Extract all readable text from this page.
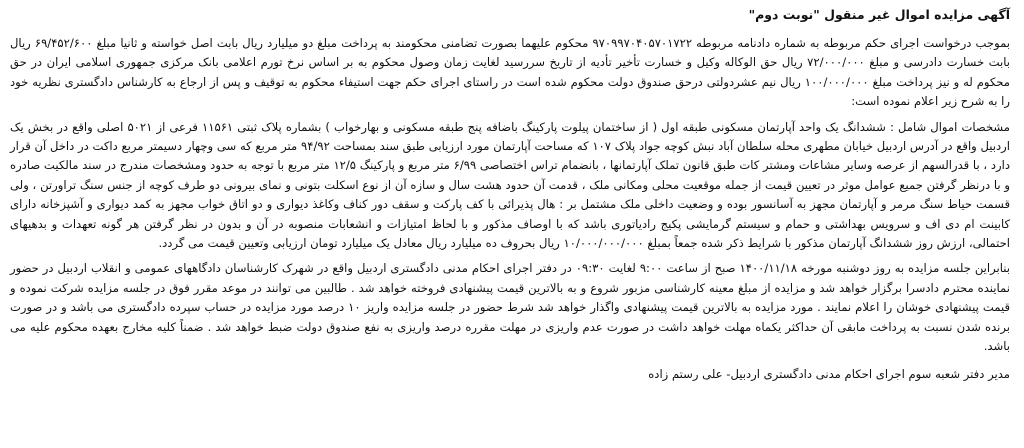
آگهی مزایده اموال غیر منقول "نوبت دوم"

بموجب درخواست اجرای حکم مربوطه به شماره دادنامه مربوطه ۹۷۰۹۹۷۰۴۰۵۷۰۱۷۲۲ محکوم علیهما بصورت تضامنی محکومند به پرداخت مبلغ دو میلیارد ریال بابت اصل خواسته و ثانیا مبلغ ۶۹/۴۵۲/۶۰۰ ریال بابت خسارت دادرسی و مبلغ ۷۲/۰۰۰/۰۰۰ ریال حق الوکاله وکیل و خسارت تأخیر تأدیه از تاریخ سررسید لغایت زمان وصول محکوم به بر اساس نرخ تورم اعلامی بانک مرکزی جمهوری اسلامی ایران در حق محکوم له و نیز پرداخت مبلغ ۱۰۰/۰۰۰/۰۰۰ ریال نیم عشردولتی درحق صندوق دولت محکوم شده است در راستای اجرای حکم جهت استیفاء محکوم به توقیف و پس از ارجاع به کارشناس دادگستری نظریه خود را به شرح زیر اعلام نموده است:

مشخصات اموال شامل : ششدانگ یک واحد آپارتمان مسکونی طبقه اول ( از ساختمان پیلوت پارکینگ باضافه پنج طبقه مسکونی و بهارخواب ) بشماره پلاک ثبتی ۱۱۵۶۱ فرعی از ۵۰۲۱ اصلی واقع در بخش یک اردبیل واقع در آدرس اردبیل خیابان مطهری محله سلطان آباد نبش کوچه جواد پلاک ۱۰۷ که مساحت آپارتمان مورد ارزیابی طبق سند بمساحت ۹۴/۹۲ متر مربع که سی وچهار دسیمتر مربع داکت در داخل آن قرار دارد ، با قدرالسهم از عرصه وسایر مشاعات ومشتر کات طبق قانون تملک آپارتمانها ، بانضمام تراس اختصاصی ۶/۹۹ متر مربع و پارکینگ ۱۲/۵ متر مربع با توجه به حدود ومشخصات مندرج در سند مالکیت صادره و با درنظر گرفتن جمیع عوامل موثر در تعیین قیمت از جمله موقعیت محلی ومکانی ملک ، قدمت آن حدود هشت سال و سازه آن از نوع اسکلت بتونی و نمای بیرونی دو طرف کوچه از جنس سنگ تراورتن ، ولی قسمت حیاط سنگ مرمر و آپارتمان مجهز به آسانسور بوده و وضعیت داخلی ملک مشتمل بر : هال پذیرائی با کف پارکت و سقف دور کناف وکاغذ دیواری و دو اتاق خواب مجهز به کمد دیواری و آشپزخانه دارای کابینت ام دی اف و سرویس بهداشتی و حمام و سیستم گرمایشی پکیج رادیاتوری باشد که با اوصاف مذکور و با لحاظ امتیازات و انشعابات منصوبه در آن و بدون در نظر گرفتن هر گونه تعهدات و بدهیهای احتمالی، ارزش روز ششدانگ آپارتمان مذکور با شرایط ذکر شده جمعاً بمبلغ ۱۰/۰۰۰/۰۰۰/۰۰۰ ریال بحروف ده میلیارد ریال معادل یک میلیارد تومان ارزیابی وتعیین قیمت می گردد.

بنابراین جلسه مزایده به روز دوشنبه مورخه ۱۴۰۰/۱۱/۱۸ صبح از ساعت ۹:۰۰ لغایت ۰۹:۳۰ در دفتر اجرای احکام مدنی دادگستری اردبیل واقع در شهرک کارشناسان دادگاههای عمومی و انقلاب اردبیل در حضور نماینده محترم دادسرا برگزار خواهد شد و مزایده از مبلغ معینه کارشناسی مزبور شروع و به بالاترین قیمت پیشنهادی فروخته خواهد شد . طالبین می توانند در موعد مقرر فوق در جلسه مزایده شرکت نموده و قیمت پیشنهادی خوشان را اعلام نمایند . مورد مزایده به بالاترین قیمت پیشنهادی واگذار خواهد شد شرط حضور در جلسه مزایده واریز ۱۰ درصد مورد مزایده در حساب سپرده دادگستری می باشد و در صورت برنده شدن نسبت به پرداخت مابقی آن حداکثر یکماه مهلت خواهد داشت در صورت عدم واریزی در مهلت مقرره درصد واریزی به نفع صندوق دولت ضبط خواهد شد . ضمناً کلیه مخارج بعهده محکوم علیه می باشد.

مدیر دفتر شعبه سوم اجرای احکام مدنی دادگستری اردبیل- علی رستم زاده
